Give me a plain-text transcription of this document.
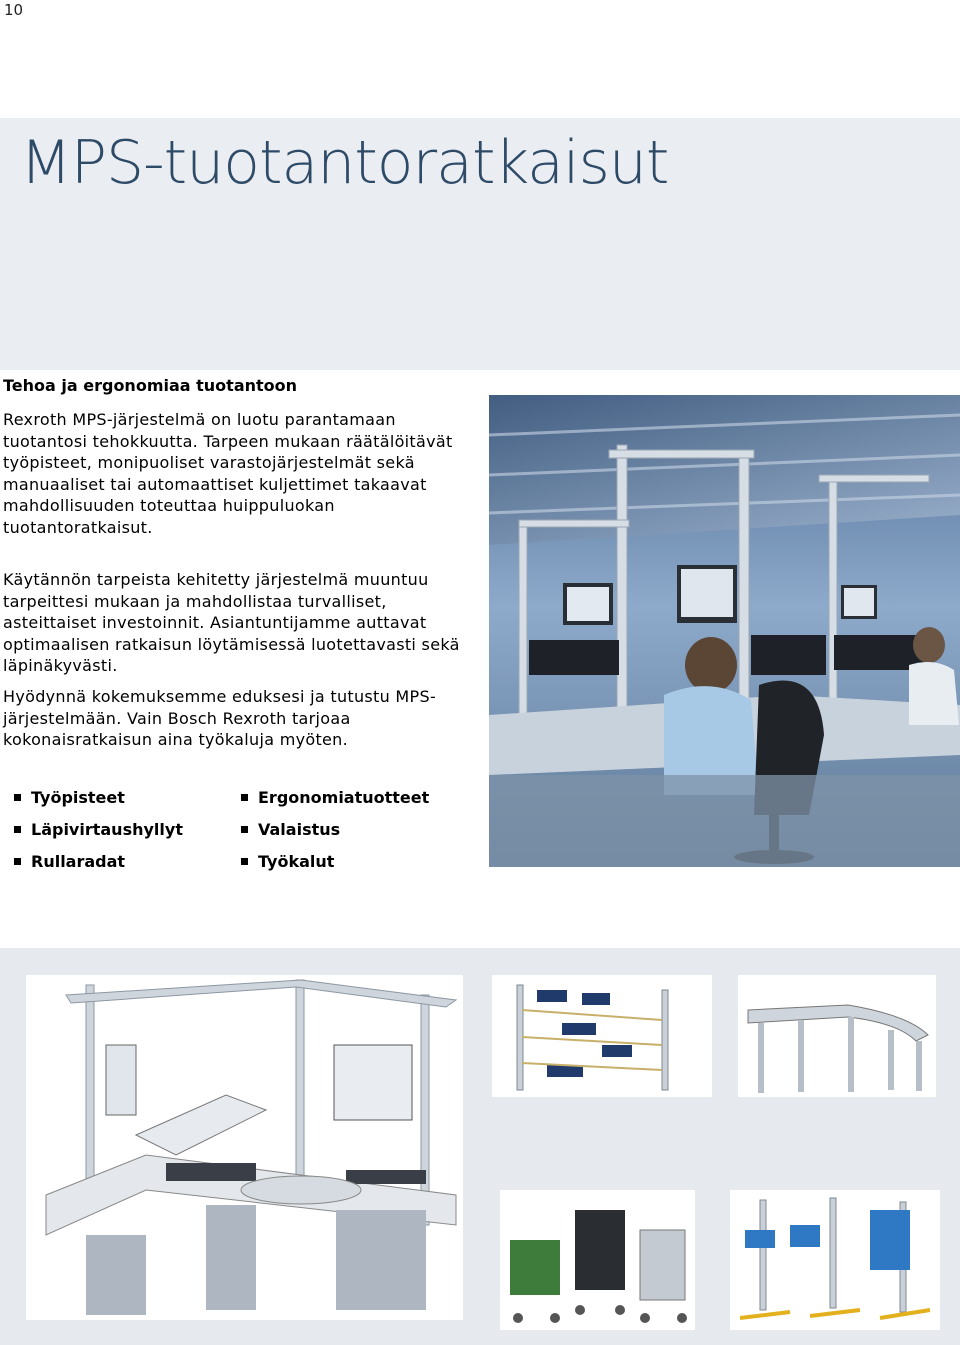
10
MPS-tuotantoratkaisut
Tehoa ja ergonomiaa tuotantoon

Rexroth MPS-järjestelmä on luotu parantamaan tuotantosi tehokkuutta. Tarpeen mukaan räätälöitävät työpisteet, monipuoliset varastojärjestelmät sekä manuaaliset tai automaattiset kuljettimet takaavat mahdollisuuden toteuttaa huippuluokan tuotantoratkaisut.

Käytännön tarpeista kehitetty järjestelmä muuntuu tarpeittesi mukaan ja mahdollistaa turvalliset, asteittaiset investoinnit. Asiantuntijamme auttavat optimaalisen ratkaisun löytämisessä luotettavasti sekä läpinäkyvästi.

Hyödynnä kokemuksemme eduksesi ja tutustu MPS-järjestelmään. Vain Bosch Rexroth tarjoaa kokonaisratkaisun aina työkaluja myöten.

Työpisteet
Läpivirtaushyllyt
Rullaradat
Ergonomiatuotteet
Valaistus
Työkalut
